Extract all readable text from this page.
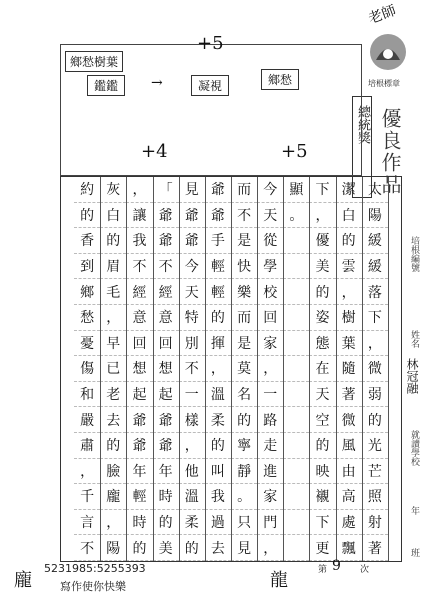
老師
培根標章
優良作品
總統獎
鄉愁樹葉
鑑鑑	凝視	鄉愁
→
+5
+4	+5
培根編號
姓名
林冠融
就讀學校
年
班
太
陽
緩
緩
落
下
，
微
弱
的
光
芒
照
射
著
潔
白
的
雲
，
樹
葉
隨
著
微
風
由
高
處
飄
下
，
優
美
的
姿
態
在
天
空
的
映
襯
下
更
顯
。
今
天
從
學
校
回
家
，
一
路
走
進
家
門
，
而
不
是
快
樂
而
是
莫
名
的
寧
靜
。
只
見
爺
爺
手
輕
輕
的
揮
，
溫
柔
的
叫
我
過
去
見
爺
爺
今
天
特
別
不
一
樣
，
他
溫
柔
的
「
爺
爺
不
經
意
回
想
起
爺
爺
年
時
的
美
，
讓
我
不
經
意
回
想
起
爺
爺
年
輕
時
的
灰
白
的
眉
毛
，
早
已
老
去
的
臉
龐
，
陽
約
的
香
到
鄉
愁
憂
傷
和
嚴
肅
，
千
言
不
龐
5231985:5255393
寫作使你快樂	龍	第 9 次
